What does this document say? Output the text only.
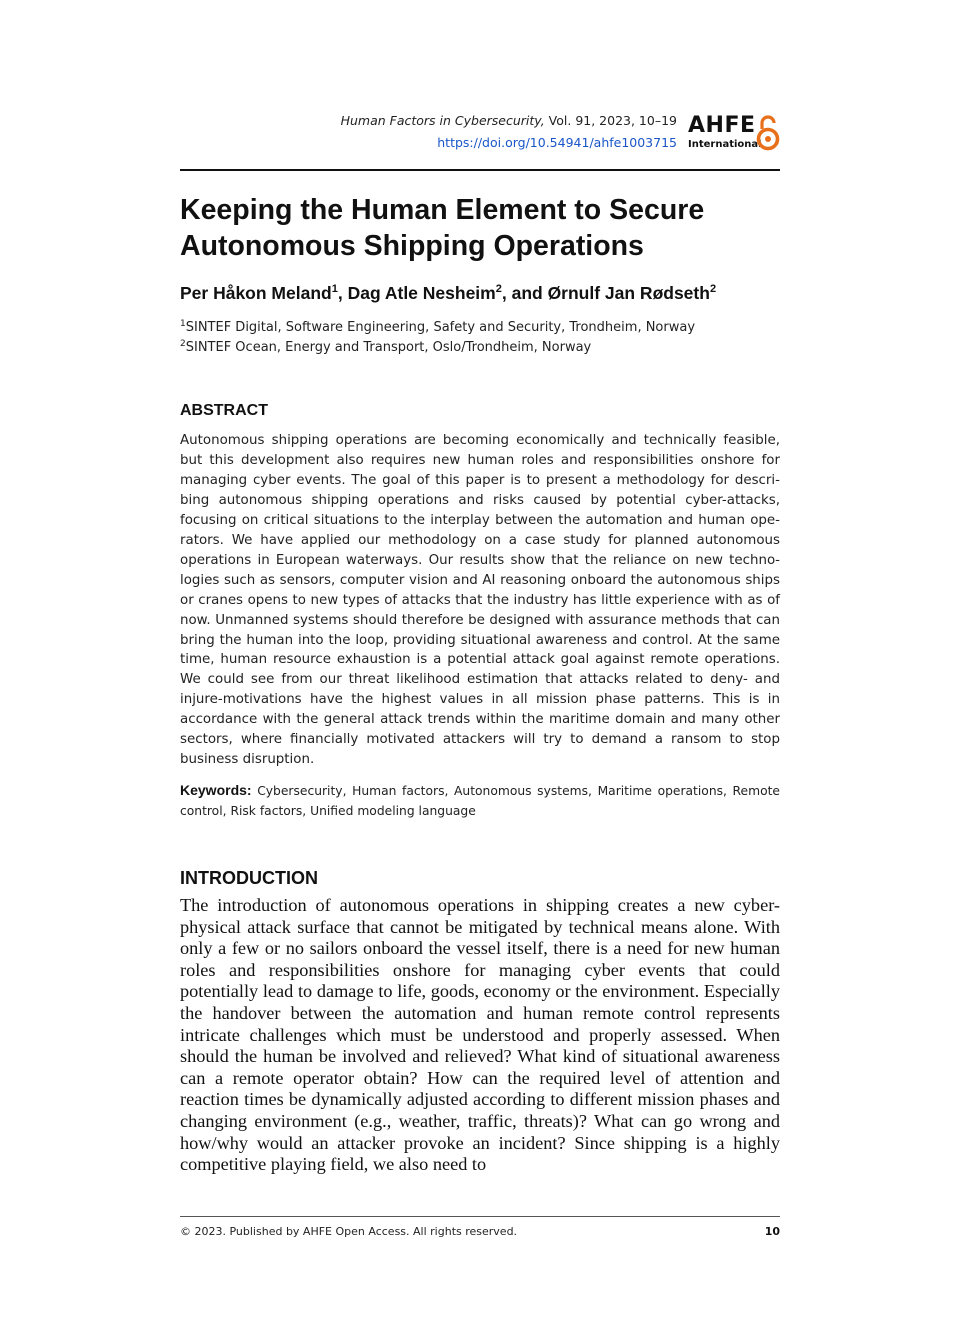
Human Factors in Cybersecurity, Vol. 91, 2023, 10–19
https://doi.org/10.54941/ahfe1003715
AHFE
International
Keeping the Human Element to Secure Autonomous Shipping Operations
Per Håkon Meland$^1$, Dag Atle Nesheim$^2$, and Ørnulf Jan Rødseth$^2$
$^1$SINTEF Digital, Software Engineering, Safety and Security, Trondheim, Norway
$^2$SINTEF Ocean, Energy and Transport, Oslo/Trondheim, Norway
ABSTRACT

Autonomous shipping operations are becoming economically and technically feasible, but this development also requires new human roles and responsibilities onshore for managing cyber events. The goal of this paper is to present a methodology for describing autonomous shipping operations and risks caused by potential cyber-attacks, focusing on critical situations to the interplay between the automation and human operators. We have applied our methodology on a case study for planned autonomous operations in European waterways. Our results show that the reliance on new technologies such as sensors, computer vision and AI reasoning onboard the autonomous ships or cranes opens to new types of attacks that the industry has little experience with as of now. Unmanned systems should therefore be designed with assurance methods that can bring the human into the loop, providing situational awareness and control. At the same time, human resource exhaustion is a potential attack goal against remote operations. We could see from our threat likelihood estimation that attacks related to deny- and injure-motivations have the highest values in all mission phase patterns. This is in accordance with the general attack trends within the maritime domain and many other sectors, where financially motivated attackers will try to demand a ransom to stop business disruption.

Keywords: Cybersecurity, Human factors, Autonomous systems, Maritime operations, Remote control, Risk factors, Unified modeling language

INTRODUCTION

The introduction of autonomous operations in shipping creates a new cyber-physical attack surface that cannot be mitigated by technical means alone. With only a few or no sailors onboard the vessel itself, there is a need for new human roles and responsibilities onshore for managing cyber events that could potentially lead to damage to life, goods, economy or the environment. Especially the handover between the automation and human remote control represents intricate challenges which must be understood and properly assessed. When should the human be involved and relieved? What kind of situational awareness can a remote operator obtain? How can the required level of attention and reaction times be dynamically adjusted according to different mission phases and changing environment (e.g., weather, traffic, threats)? What can go wrong and how/why would an attacker provoke an incident? Since shipping is a highly competitive playing field, we also need to

© 2023. Published by AHFE Open Access. All rights reserved.	10
